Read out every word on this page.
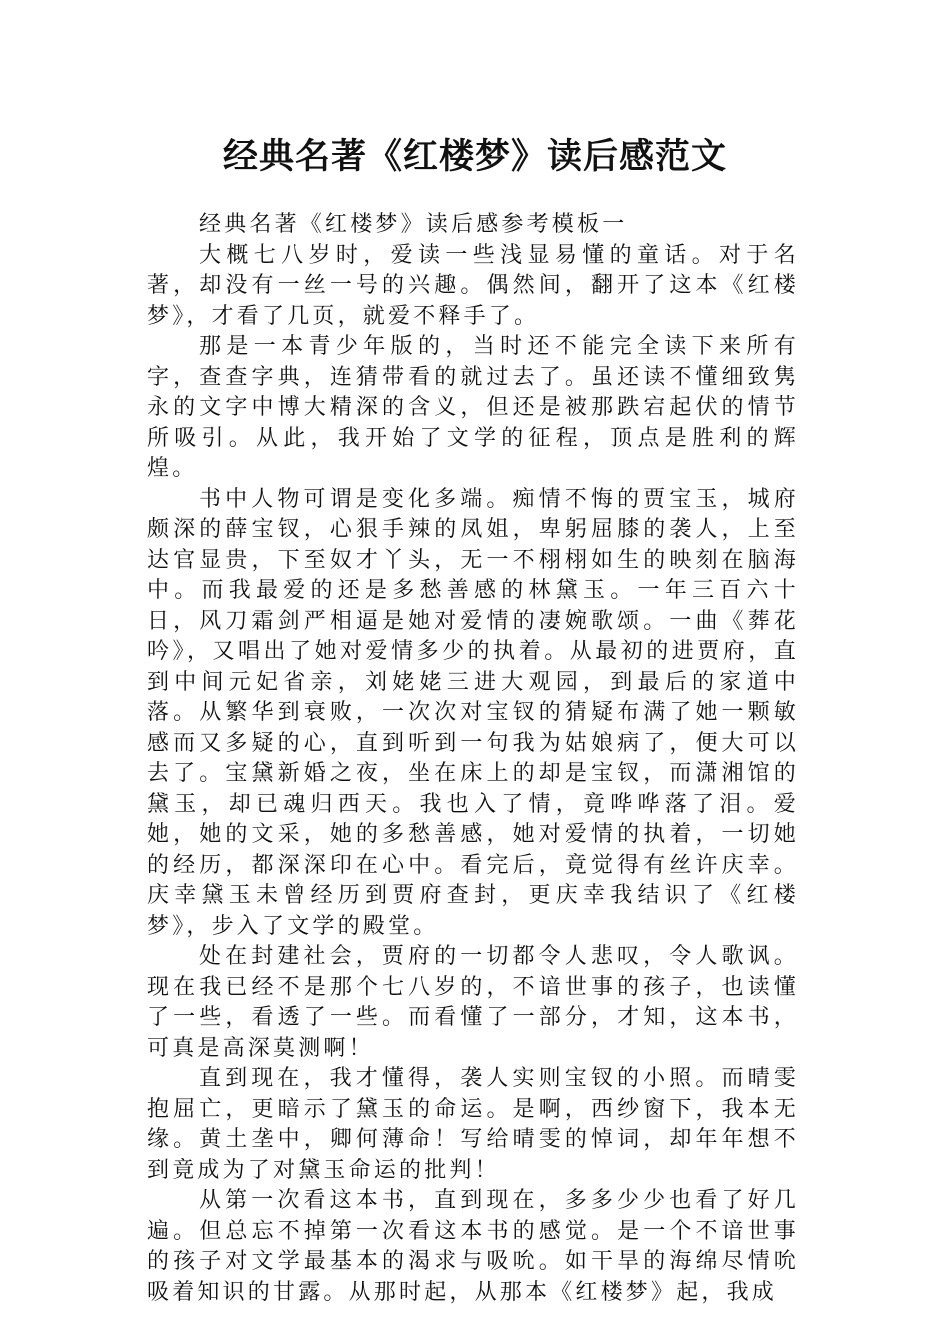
经典名著《红楼梦》读后感范文

经典名著《红楼梦》读后感参考模板一

大概七八岁时，爱读一些浅显易懂的童话。对于名著，却没有一丝一号的兴趣。偶然间，翻开了这本《红楼梦》，才看了几页，就爱不释手了。

那是一本青少年版的，当时还不能完全读下来所有字，查查字典，连猜带看的就过去了。虽还读不懂细致隽永的文字中博大精深的含义，但还是被那跌宕起伏的情节所吸引。从此，我开始了文学的征程，顶点是胜利的辉煌。

书中人物可谓是变化多端。痴情不悔的贾宝玉，城府颇深的薛宝钗，心狠手辣的凤姐，卑躬屈膝的袭人，上至达官显贵，下至奴才丫头，无一不栩栩如生的映刻在脑海中。而我最爱的还是多愁善感的林黛玉。一年三百六十日，风刀霜剑严相逼是她对爱情的凄婉歌颂。一曲《葬花吟》，又唱出了她对爱情多少的执着。从最初的进贾府，直到中间元妃省亲，刘姥姥三进大观园，到最后的家道中落。从繁华到衰败，一次次对宝钗的猜疑布满了她一颗敏感而又多疑的心，直到听到一句我为姑娘病了，便大可以去了。宝黛新婚之夜，坐在床上的却是宝钗，而潇湘馆的黛玉，却已魂归西天。我也入了情，竟哗哗落了泪。爱她，她的文采，她的多愁善感，她对爱情的执着，一切她的经历，都深深印在心中。看完后，竟觉得有丝许庆幸。庆幸黛玉未曾经历到贾府查封，更庆幸我结识了《红楼梦》，步入了文学的殿堂。

处在封建社会，贾府的一切都令人悲叹，令人歌讽。现在我已经不是那个七八岁的，不谙世事的孩子，也读懂了一些，看透了一些。而看懂了一部分，才知，这本书，可真是高深莫测啊！

直到现在，我才懂得，袭人实则宝钗的小照。而晴雯抱屈亡，更暗示了黛玉的命运。是啊，西纱窗下，我本无缘。黄土垄中，卿何薄命！写给晴雯的悼词，却年年想不到竟成为了对黛玉命运的批判！

从第一次看这本书，直到现在，多多少少也看了好几遍。但总忘不掉第一次看这本书的感觉。是一个不谙世事的孩子对文学最基本的渴求与吸吮。如干旱的海绵尽情吮吸着知识的甘露。从那时起，从那本《红楼梦》起，我成
